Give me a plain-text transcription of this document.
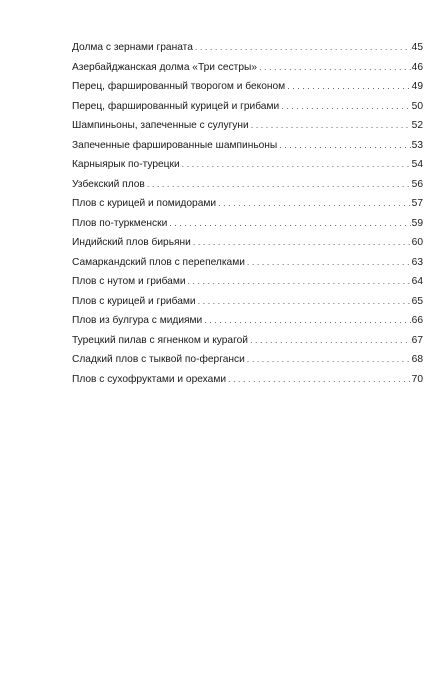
Долма с зернами граната . . .	45
Азербайджанская долма «Три сестры» . . .	46
Перец, фаршированный творогом и беконом . . .	49
Перец, фаршированный курицей и грибами . . .	50
Шампиньоны, запеченные с сулугуни . . .	52
Запеченные фаршированные шампиньоны . . .	53
Карныярык по-турецки . . .	54
Узбекский плов . . .	56
Плов с курицей и помидорами . . .	57
Плов по-туркменски . . .	59
Индийский плов бирьяни . . .	60
Самаркандский плов с перепелками . . .	63
Плов с нутом и грибами . . .	64
Плов с курицей и грибами . . .	65
Плов из булгура с мидиями . . .	66
Турецкий пилав с ягненком и курагой . . .	67
Сладкий плов с тыквой по-ферганси . . .	68
Плов с сухофруктами и орехами . . .	70
